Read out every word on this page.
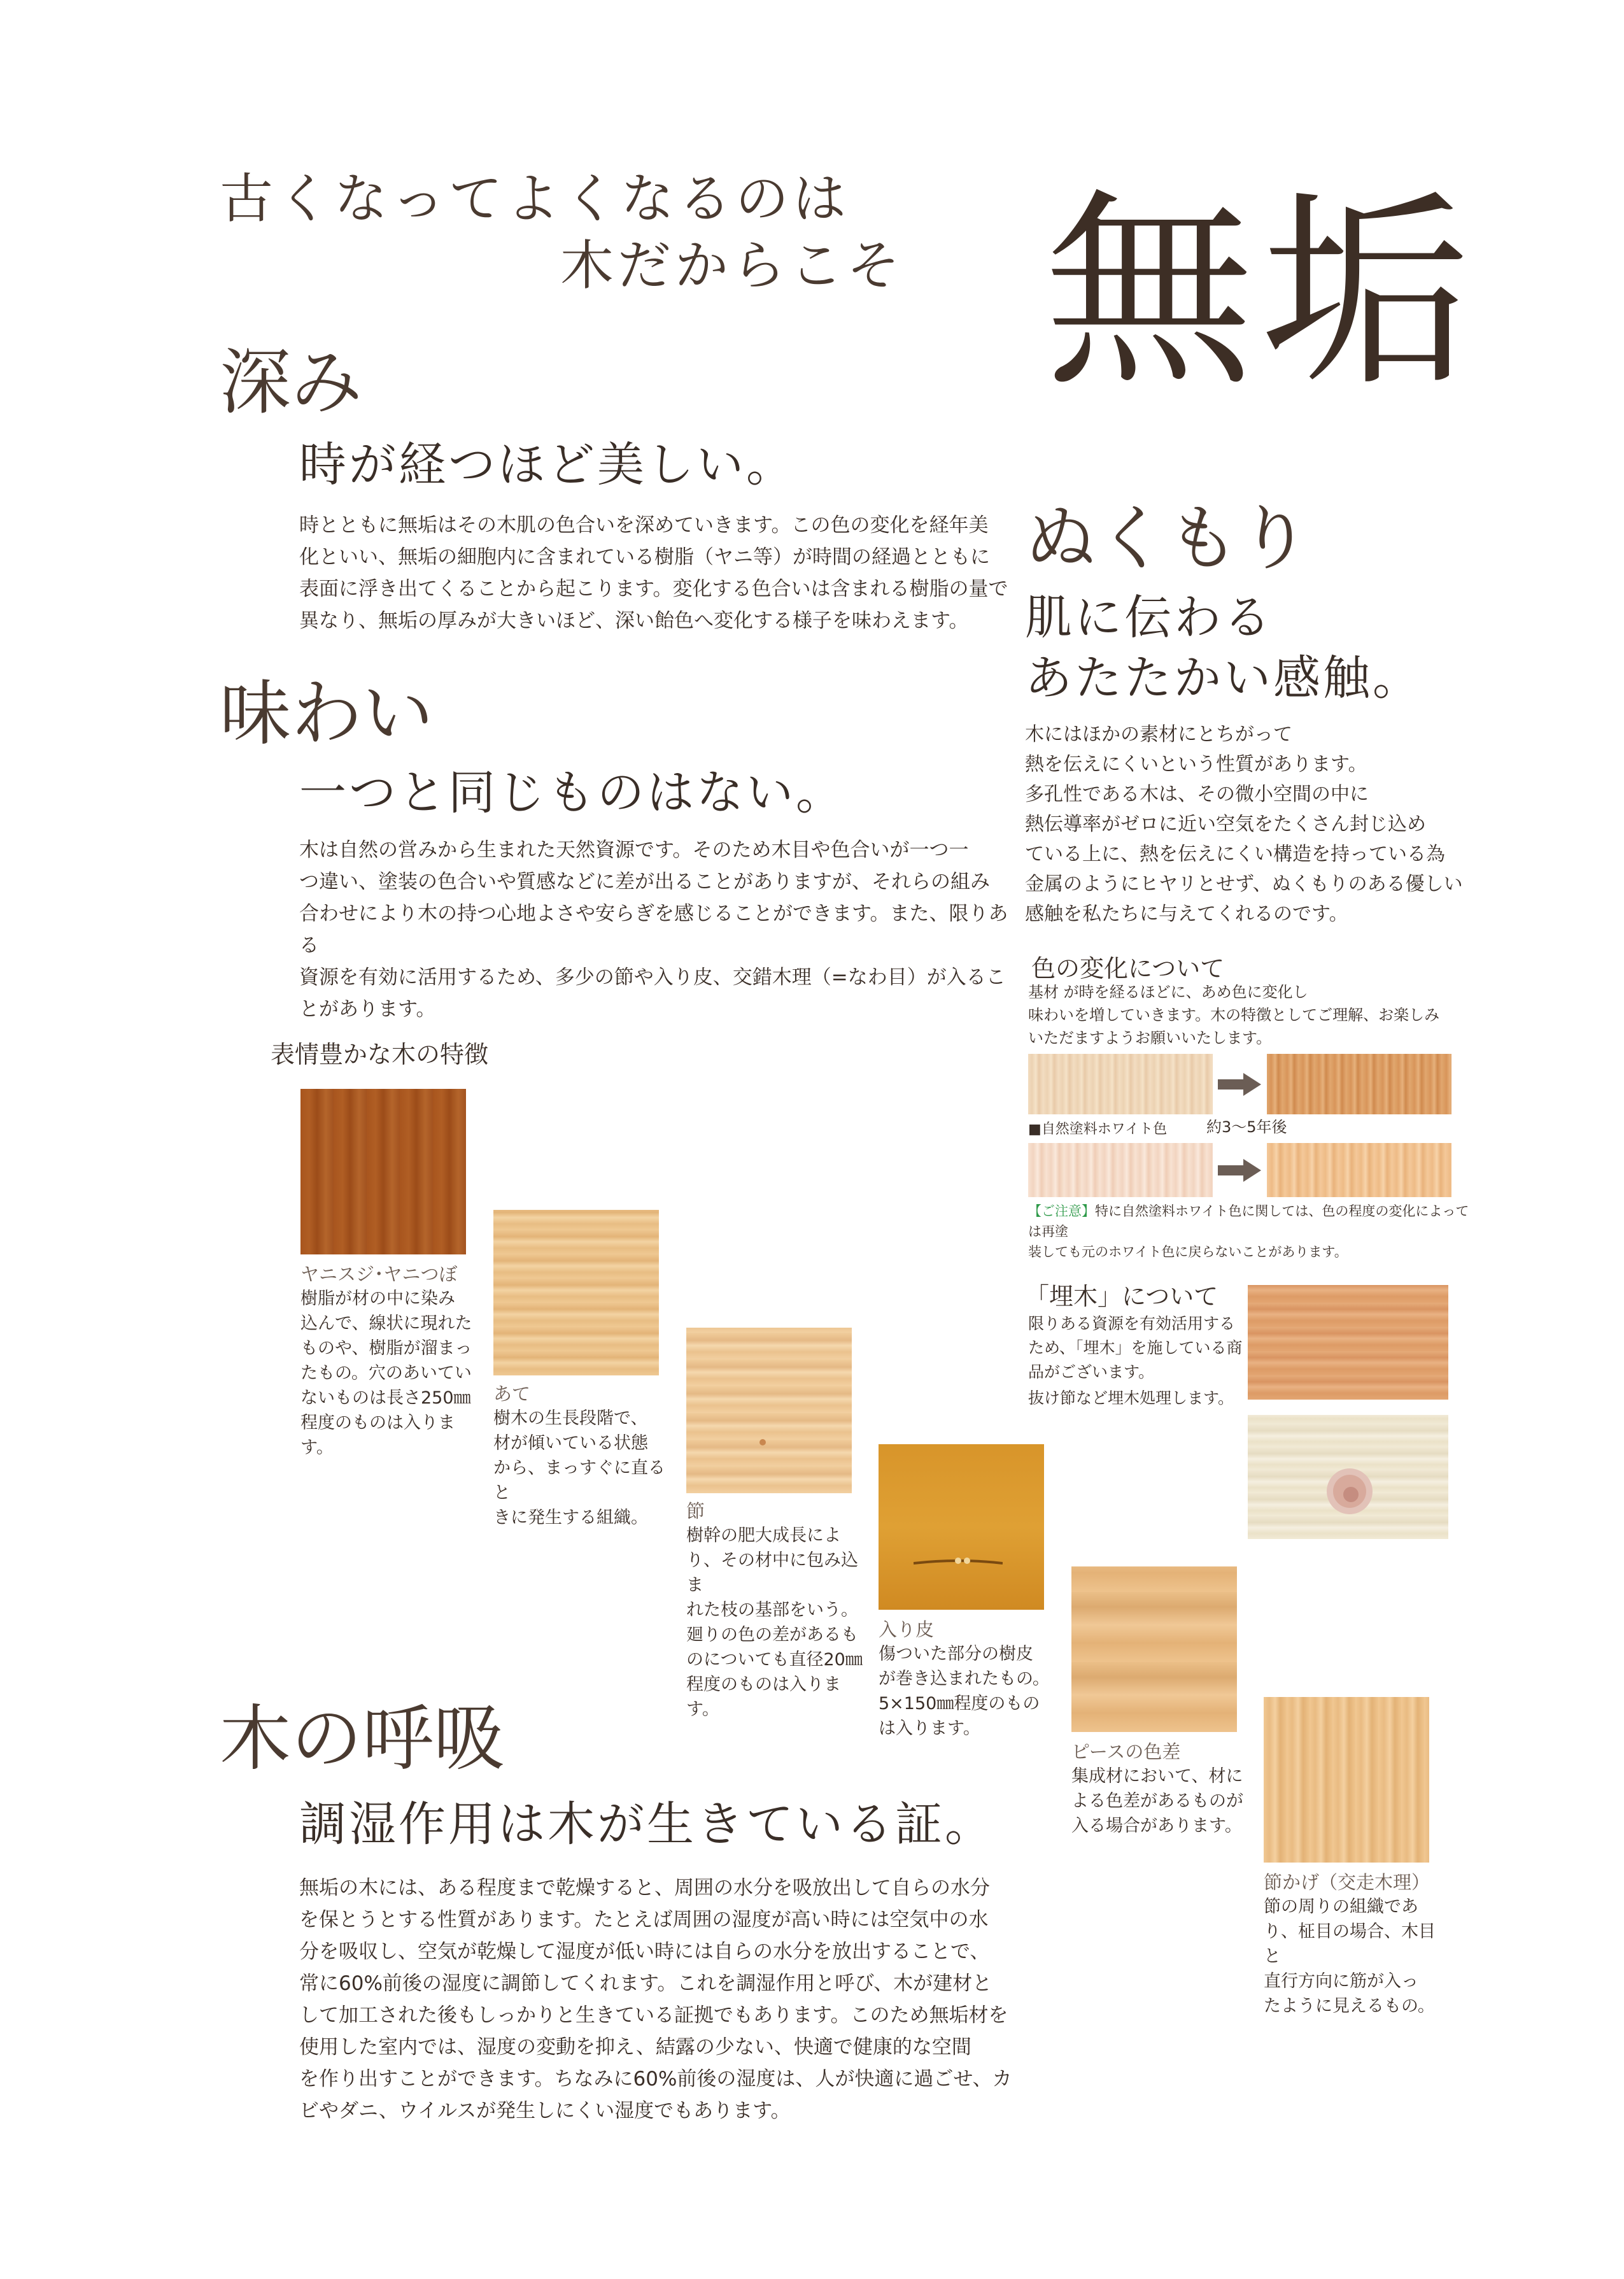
古くなってよくなるのは
木だからこそ 無垢
深み
時が経つほど美しい。
時とともに無垢はその木肌の色合いを深めていきます。この色の変化を経年美
化といい、無垢の細胞内に含まれている樹脂（ヤニ等）が時間の経過とともに
表面に浮き出てくることから起こります。変化する色合いは含まれる樹脂の量で
異なり、無垢の厚みが大きいほど、深い飴色へ変化する様子を味わえます。
味わい
一つと同じものはない。
木は自然の営みから生まれた天然資源です。そのため木目や色合いが一つ一
つ違い、塗装の色合いや質感などに差が出ることがありますが、それらの組み
合わせにより木の持つ心地よさや安らぎを感じることができます。また、限りある
資源を有効に活用するため、多少の節や入り皮、交錯木理（=なわ目）が入るこ
とがあります。
ぬくもり
肌に伝わる
あたたかい感触。
木にはほかの素材にとちがって
熱を伝えにくいという性質があります。
多孔性である木は、その微小空間の中に
熱伝導率がゼロに近い空気をたくさん封じ込め
ている上に、熱を伝えにくい構造を持っている為
金属のようにヒヤリとせず、ぬくもりのある優しい
感触を私たちに与えてくれるのです。
色の変化について
基材 が時を経るほどに、あめ色に変化し
味わいを増していきます。木の特徴としてご理解、お楽しみ
いただますようお願いいたします。
■自然塗料ホワイト色	約3〜5年後
【ご注意】特に自然塗料ホワイト色に関しては、色の程度の変化によっては再塗
装しても元のホワイト色に戻らないことがあります。
「埋木」について
限りある資源を有効活用する
ため、「埋木」を施している商
品がございます。
抜け節など埋木処理します。
表情豊かな木の特徴
ヤニスジ･ヤニつぼ
樹脂が材の中に染み
込んで、線状に現れた
ものや、樹脂が溜まっ
たもの。穴のあいてい
ないものは長さ250㎜
程度のものは入ります。
あて
樹木の生長段階で、
材が傾いている状態
から、まっすぐに直ると
きに発生する組織。	節
樹幹の肥大成長によ
り、その材中に包み込ま
れた枝の基部をいう。
廻りの色の差があるも
のについても直径20㎜
程度のものは入ります。
入り皮
傷ついた部分の樹皮
が巻き込まれたもの。
5×150㎜程度のもの
は入ります。
ピースの色差
集成材において、材に
よる色差があるものが
入る場合があります。
節かげ（交走木理）
節の周りの組織であ
り、柾目の場合、木目と
直行方向に筋が入っ
たように見えるもの。
木の呼吸
調湿作用は木が生きている証。
無垢の木には、ある程度まで乾燥すると、周囲の水分を吸放出して自らの水分
を保とうとする性質があります。たとえば周囲の湿度が高い時には空気中の水
分を吸収し、空気が乾燥して湿度が低い時には自らの水分を放出することで、
常に60%前後の湿度に調節してくれます。これを調湿作用と呼び、木が建材と
して加工された後もしっかりと生きている証拠でもあります。このため無垢材を
使用した室内では、湿度の変動を抑え、結露の少ない、快適で健康的な空間
を作り出すことができます。ちなみに60%前後の湿度は、人が快適に過ごせ、カ
ビやダニ、ウイルスが発生しにくい湿度でもあります。
